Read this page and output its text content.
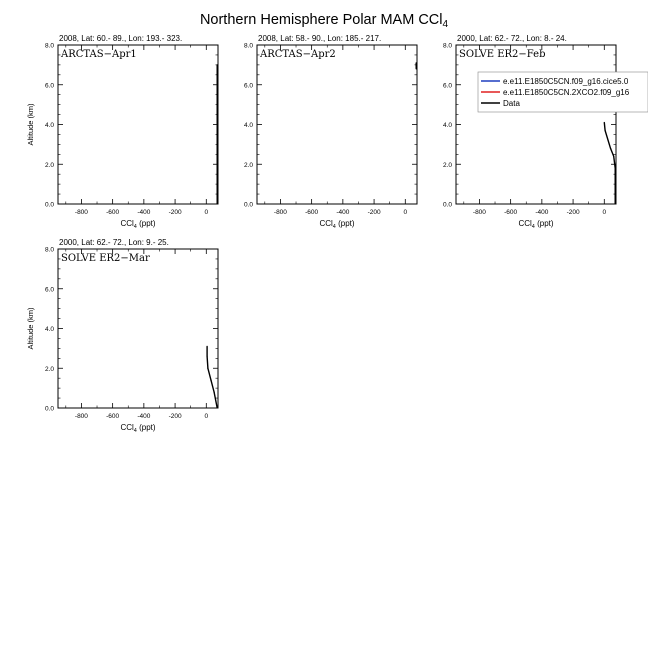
Northern Hemisphere Polar MAM CCl$_4$
2008, Lat: 60.- 89., Lon: 193.- 323.
ARCTAS−Apr1
0.0
2.0
4.0
6.0
8.0
-800	-600	-400	-200	0
CCl$_4$ (ppt)
Altitude (km)
2008, Lat: 58.- 90., Lon: 185.- 217.
ARCTAS−Apr2
0.0
2.0
4.0
6.0
8.0
-800	-600	-400	-200	0
CCl$_4$ (ppt)
2000, Lat: 62.- 72., Lon: 8.- 24.
SOLVE ER2−Feb
0.0
2.0
4.0
6.0
8.0
-800	-600	-400	-200	0
CCl$_4$ (ppt)
e.e11.E1850C5CN.f09_g16.cice5.0
e.e11.E1850C5CN.2XCO2.f09_g16
Data
2000, Lat: 62.- 72., Lon: 9.- 25.
SOLVE ER2−Mar
0.0
2.0
4.0
6.0
8.0
-800	-600	-400	-200	0
CCl$_4$ (ppt)
Altitude (km)
